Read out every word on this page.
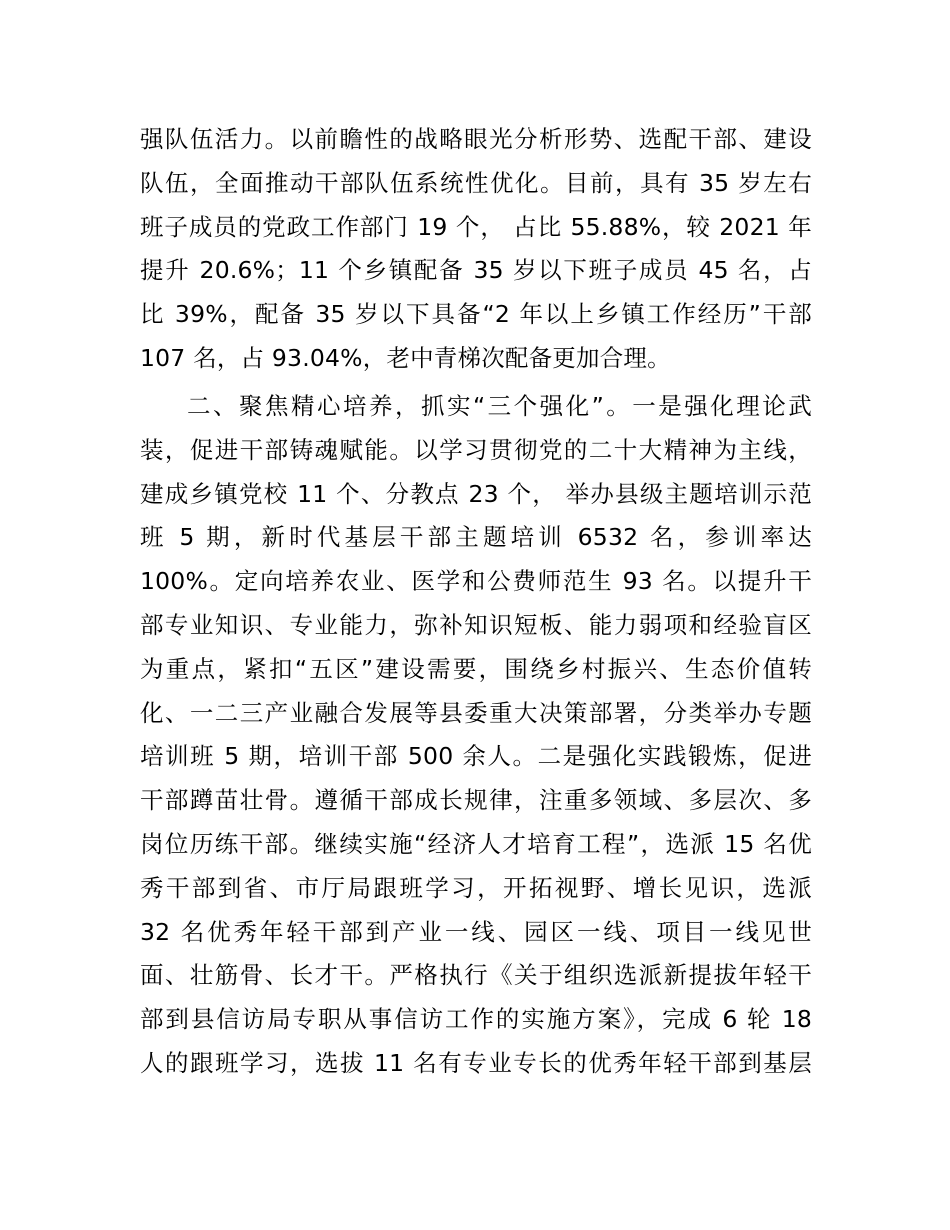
强队伍活力。以前瞻性的战略眼光分析形势、选配干部、建设
队伍，全面推动干部队伍系统性优化。目前，具有 35 岁左右
班子成员的党政工作部门 19 个， 占比 55.88%，较 2021 年
提升 20.6%；11 个乡镇配备 35 岁以下班子成员 45 名，占
比 39%，配备 35 岁以下具备“2 年以上乡镇工作经历”干部
107 名，占 93.04%，老中青梯次配备更加合理。
二、聚焦精心培养，抓实“三个强化”。一是强化理论武
装，促进干部铸魂赋能。以学习贯彻党的二十大精神为主线，
建成乡镇党校 11 个、分教点 23 个， 举办县级主题培训示范
班 5 期，新时代基层干部主题培训 6532 名，参训率达
100%。定向培养农业、医学和公费师范生 93 名。以提升干
部专业知识、专业能力，弥补知识短板、能力弱项和经验盲区
为重点，紧扣“五区”建设需要，围绕乡村振兴、生态价值转
化、一二三产业融合发展等县委重大决策部署，分类举办专题
培训班 5 期，培训干部 500 余人。二是强化实践锻炼，促进
干部蹲苗壮骨。遵循干部成长规律，注重多领域、多层次、多
岗位历练干部。继续实施“经济人才培育工程”，选派 15 名优
秀干部到省、市厅局跟班学习，开拓视野、增长见识，选派
32 名优秀年轻干部到产业一线、园区一线、项目一线见世
面、壮筋骨、长才干。严格执行《关于组织选派新提拔年轻干
部到县信访局专职从事信访工作的实施方案》，完成 6 轮 18
人的跟班学习，选拔 11 名有专业专长的优秀年轻干部到基层
